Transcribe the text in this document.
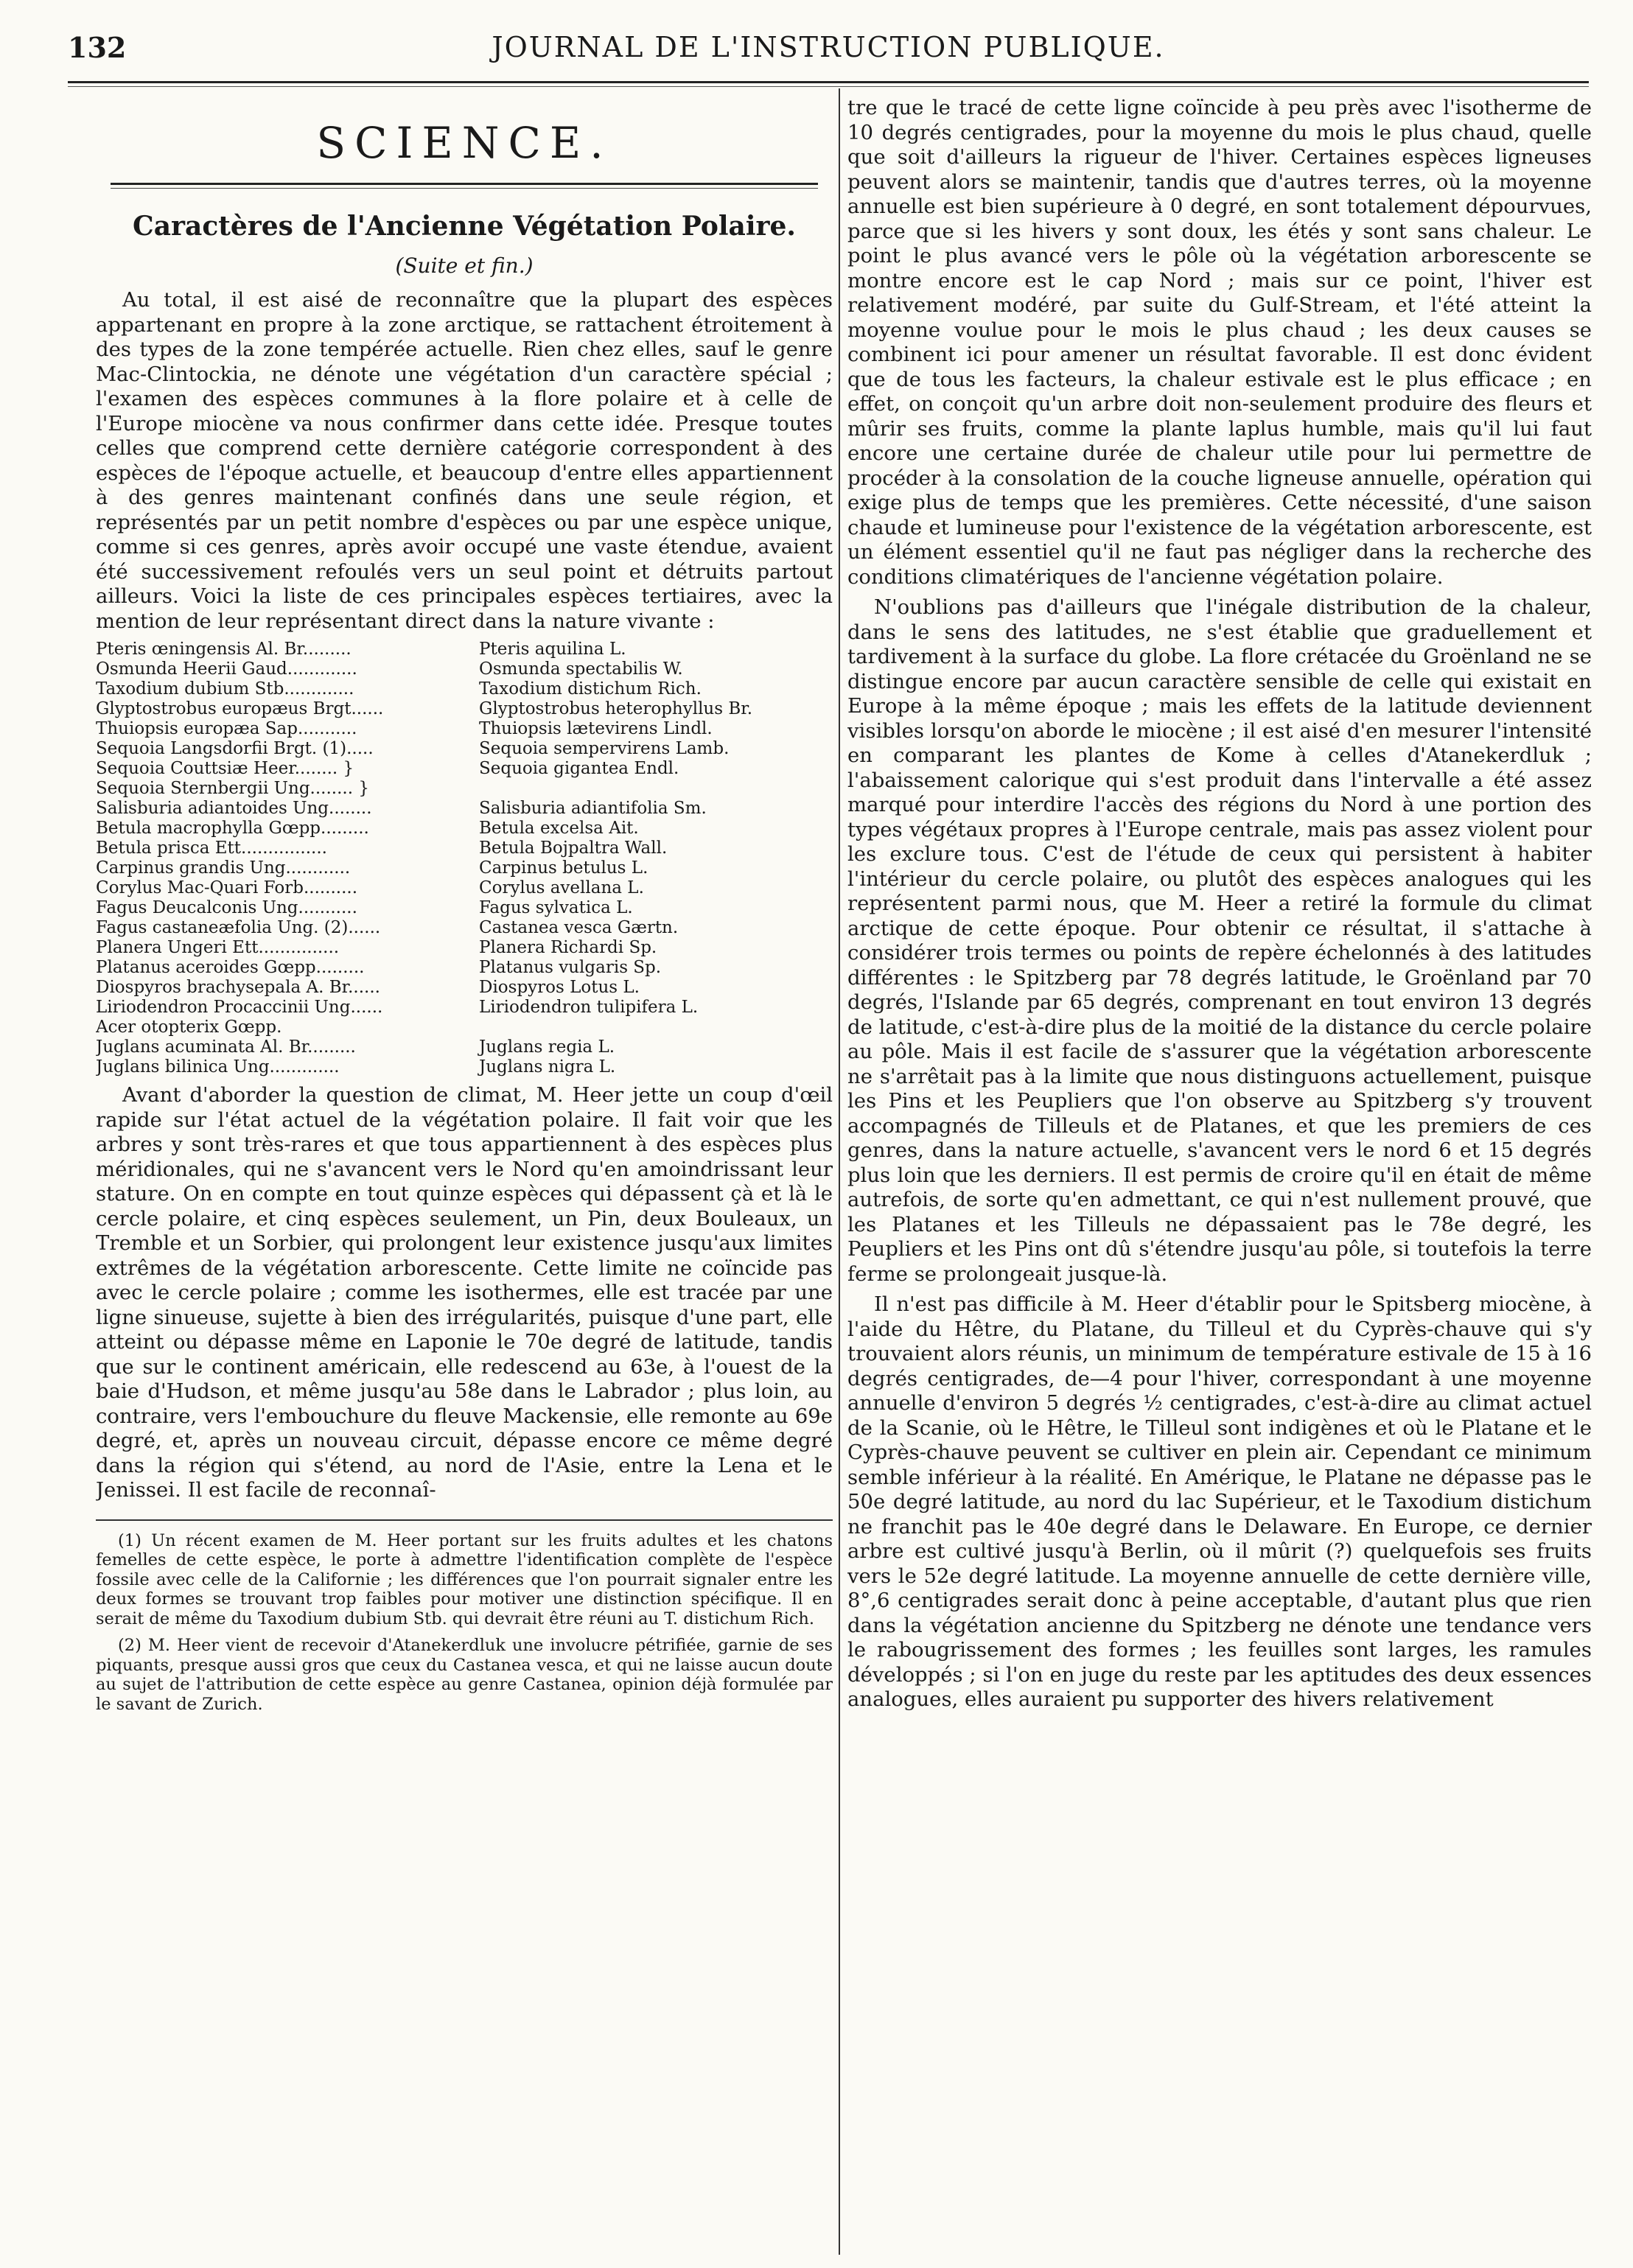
132	JOURNAL DE L'INSTRUCTION PUBLIQUE.
SCIENCE.
Caractères de l'Ancienne Végétation Polaire.
(Suite et fin.)

Au total, il est aisé de reconnaître que la plupart des espèces appartenant en propre à la zone arctique, se rattachent étroitement à des types de la zone tempérée actuelle. Rien chez elles, sauf le genre Mac-Clintockia, ne dénote une végétation d'un caractère spécial ; l'examen des espèces communes à la flore polaire et à celle de l'Europe miocène va nous confirmer dans cette idée. Presque toutes celles que comprend cette dernière catégorie correspondent à des espèces de l'époque actuelle, et beaucoup d'entre elles appartiennent à des genres maintenant confinés dans une seule région, et représentés par un petit nombre d'espèces ou par une espèce unique, comme si ces genres, après avoir occupé une vaste étendue, avaient été successivement refoulés vers un seul point et détruits partout ailleurs. Voici la liste de ces principales espèces tertiaires, avec la mention de leur représentant direct dans la nature vivante :

Pteris œningensis Al. Br.........	Pteris aquilina L.
Osmunda Heerii Gaud.............	Osmunda spectabilis W.
Taxodium dubium Stb.............	Taxodium distichum Rich.
Glyptostrobus europæus Brgt......	Glyptostrobus heterophyllus Br.
Thuiopsis europæa Sap...........	Thuiopsis lætevirens Lindl.
Sequoia Langsdorfii Brgt. (1).....	Sequoia sempervirens Lamb.
Sequoia Couttsiæ Heer........ }	Sequoia gigantea Endl.
Sequoia Sternbergii Ung........ }	
Salisburia adiantoides Ung........	Salisburia adiantifolia Sm.
Betula macrophylla Gœpp.........	Betula excelsa Ait.
Betula prisca Ett................	Betula Bojpaltra Wall.
Carpinus grandis Ung............	Carpinus betulus L.
Corylus Mac-Quari Forb..........	Corylus avellana L.
Fagus Deucalconis Ung...........	Fagus sylvatica L.
Fagus castaneæfolia Ung. (2)......	Castanea vesca Gærtn.
Planera Ungeri Ett...............	Planera Richardi Sp.
Platanus aceroides Gœpp.........	Platanus vulgaris Sp.
Diospyros brachysepala A. Br......	Diospyros Lotus L.
Liriodendron Procaccinii Ung......	Liriodendron tulipifera L.
Acer otopterix Gœpp.	
Juglans acuminata Al. Br.........	Juglans regia L.
Juglans bilinica Ung.............	Juglans nigra L.

Avant d'aborder la question de climat, M. Heer jette un coup d'œil rapide sur l'état actuel de la végétation polaire. Il fait voir que les arbres y sont très-rares et que tous appartiennent à des espèces plus méridionales, qui ne s'avancent vers le Nord qu'en amoindrissant leur stature. On en compte en tout quinze espèces qui dépassent çà et là le cercle polaire, et cinq espèces seulement, un Pin, deux Bouleaux, un Tremble et un Sorbier, qui prolongent leur existence jusqu'aux limites extrêmes de la végétation arborescente. Cette limite ne coïncide pas avec le cercle polaire ; comme les isothermes, elle est tracée par une ligne sinueuse, sujette à bien des irrégularités, puisque d'une part, elle atteint ou dépasse même en Laponie le 70e degré de latitude, tandis que sur le continent américain, elle redescend au 63e, à l'ouest de la baie d'Hudson, et même jusqu'au 58e dans le Labrador ; plus loin, au contraire, vers l'embouchure du fleuve Mackensie, elle remonte au 69e degré, et, après un nouveau circuit, dépasse encore ce même degré dans la région qui s'étend, au nord de l'Asie, entre la Lena et le Jenissei. Il est facile de reconnaî-

(1) Un récent examen de M. Heer portant sur les fruits adultes et les chatons femelles de cette espèce, le porte à admettre l'identification complète de l'espèce fossile avec celle de la Californie ; les différences que l'on pourrait signaler entre les deux formes se trouvant trop faibles pour motiver une distinction spécifique. Il en serait de même du Taxodium dubium Stb. qui devrait être réuni au T. distichum Rich.

(2) M. Heer vient de recevoir d'Atanekerdluk une involucre pétrifiée, garnie de ses piquants, presque aussi gros que ceux du Castanea vesca, et qui ne laisse aucun doute au sujet de l'attribution de cette espèce au genre Castanea, opinion déjà formulée par le savant de Zurich.

tre que le tracé de cette ligne coïncide à peu près avec l'isotherme de 10 degrés centigrades, pour la moyenne du mois le plus chaud, quelle que soit d'ailleurs la rigueur de l'hiver. Certaines espèces ligneuses peuvent alors se maintenir, tandis que d'autres terres, où la moyenne annuelle est bien supérieure à 0 degré, en sont totalement dépourvues, parce que si les hivers y sont doux, les étés y sont sans chaleur. Le point le plus avancé vers le pôle où la végétation arborescente se montre encore est le cap Nord ; mais sur ce point, l'hiver est relativement modéré, par suite du Gulf-Stream, et l'été atteint la moyenne voulue pour le mois le plus chaud ; les deux causes se combinent ici pour amener un résultat favorable. Il est donc évident que de tous les facteurs, la chaleur estivale est le plus efficace ; en effet, on conçoit qu'un arbre doit non-seulement produire des fleurs et mûrir ses fruits, comme la plante laplus humble, mais qu'il lui faut encore une certaine durée de chaleur utile pour lui permettre de procéder à la consolation de la couche ligneuse annuelle, opération qui exige plus de temps que les premières. Cette nécessité, d'une saison chaude et lumineuse pour l'existence de la végétation arborescente, est un élément essentiel qu'il ne faut pas négliger dans la recherche des conditions climatériques de l'ancienne végétation polaire.

N'oublions pas d'ailleurs que l'inégale distribution de la chaleur, dans le sens des latitudes, ne s'est établie que graduellement et tardivement à la surface du globe. La flore crétacée du Groënland ne se distingue encore par aucun caractère sensible de celle qui existait en Europe à la même époque ; mais les effets de la latitude deviennent visibles lorsqu'on aborde le miocène ; il est aisé d'en mesurer l'intensité en comparant les plantes de Kome à celles d'Atanekerdluk ; l'abaissement calorique qui s'est produit dans l'intervalle a été assez marqué pour interdire l'accès des régions du Nord à une portion des types végétaux propres à l'Europe centrale, mais pas assez violent pour les exclure tous. C'est de l'étude de ceux qui persistent à habiter l'intérieur du cercle polaire, ou plutôt des espèces analogues qui les représentent parmi nous, que M. Heer a retiré la formule du climat arctique de cette époque. Pour obtenir ce résultat, il s'attache à considérer trois termes ou points de repère échelonnés à des latitudes différentes : le Spitzberg par 78 degrés latitude, le Groënland par 70 degrés, l'Islande par 65 degrés, comprenant en tout environ 13 degrés de latitude, c'est-à-dire plus de la moitié de la distance du cercle polaire au pôle. Mais il est facile de s'assurer que la végétation arborescente ne s'arrêtait pas à la limite que nous distinguons actuellement, puisque les Pins et les Peupliers que l'on observe au Spitzberg s'y trouvent accompagnés de Tilleuls et de Platanes, et que les premiers de ces genres, dans la nature actuelle, s'avancent vers le nord 6 et 15 degrés plus loin que les derniers. Il est permis de croire qu'il en était de même autrefois, de sorte qu'en admettant, ce qui n'est nullement prouvé, que les Platanes et les Tilleuls ne dépassaient pas le 78e degré, les Peupliers et les Pins ont dû s'étendre jusqu'au pôle, si toutefois la terre ferme se prolongeait jusque-là.

Il n'est pas difficile à M. Heer d'établir pour le Spitsberg miocène, à l'aide du Hêtre, du Platane, du Tilleul et du Cyprès-chauve qui s'y trouvaient alors réunis, un minimum de température estivale de 15 à 16 degrés centigrades, de—4 pour l'hiver, correspondant à une moyenne annuelle d'environ 5 degrés ½ centigrades, c'est-à-dire au climat actuel de la Scanie, où le Hêtre, le Tilleul sont indigènes et où le Platane et le Cyprès-chauve peuvent se cultiver en plein air. Cependant ce minimum semble inférieur à la réalité. En Amérique, le Platane ne dépasse pas le 50e degré latitude, au nord du lac Supérieur, et le Taxodium distichum ne franchit pas le 40e degré dans le Delaware. En Europe, ce dernier arbre est cultivé jusqu'à Berlin, où il mûrit (?) quelquefois ses fruits vers le 52e degré latitude. La moyenne annuelle de cette dernière ville, 8°,6 centigrades serait donc à peine acceptable, d'autant plus que rien dans la végétation ancienne du Spitzberg ne dénote une tendance vers le rabougrissement des formes ; les feuilles sont larges, les ramules développés ; si l'on en juge du reste par les aptitudes des deux essences analogues, elles auraient pu supporter des hivers relativement
